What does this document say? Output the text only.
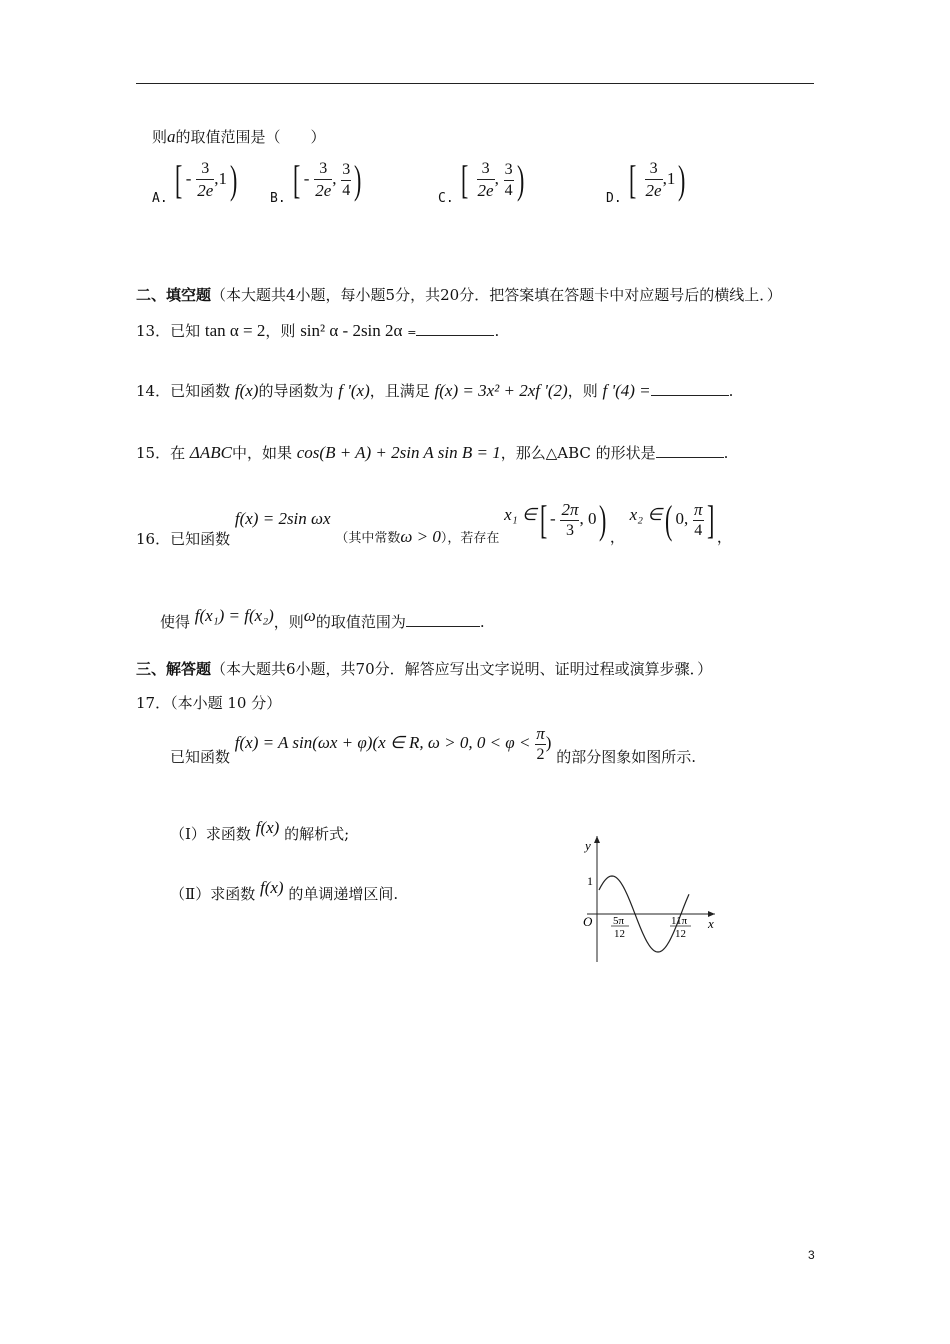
则a的取值范围是（　　）
A. [ - $\frac{3}{2e} ,1$)	B. [ - $\frac{3}{2e}$ , $\frac{3}{4}$ )	C. [ $\frac{3}{2e}$ , $\frac{3}{4}$ )	D. [ $\frac{3}{2e} ,1$)
二、填空题（本大题共4小题，每小题5分，共20分．把答案填在答题卡中对应题号后的横线上．）
13．已知 tan α = 2，则 sin² α - 2sin 2α =	.
14．已知函数 f(x)的导函数为 f '(x)，且满足 f(x) = 3x² + 2xf '(2)，则 f '(4) =	.
15．在 ΔABC中，如果 cos(B + A) + 2sin A sin B = 1，那么△ABC 的形状是	.
16．已知函数 f(x) = 2sin ωx （其中常数ω > 0），若存在 x₁ ∈[ - $\frac{2\pi}{3}$ , 0) ， x₂ ∈( 0, $\frac{\pi}{4}$ ] ，
使得 f(x₁) = f(x₂)，则ω的取值范围为	.
三、解答题（本大题共6小题，共70分．解答应写出文字说明、证明过程或演算步骤．）
17．（本小题 10 分）
已知函数 f(x) = A sin(ωx + φ)(x ∈ R, ω > 0, $0 < \varphi < \frac{\pi}{2}$ ) 的部分图象如图所示.
（Ⅰ）求函数 f(x) 的解析式;
（Ⅱ）求函数 f(x) 的单调递增区间.
y
x
O
1
5π
12
11π
12
3
